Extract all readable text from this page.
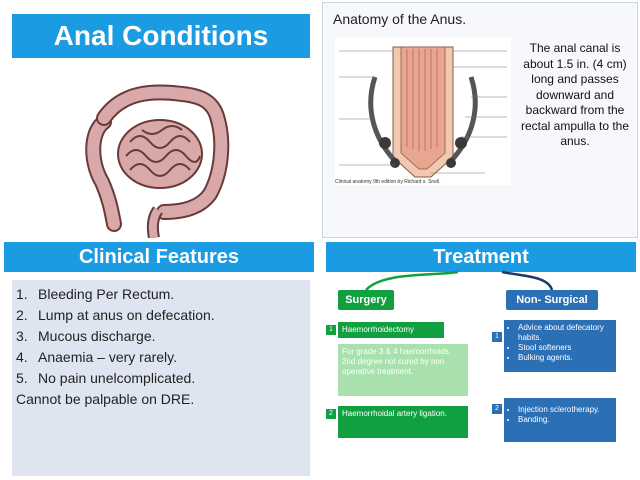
Anal Conditions
Anatomy of the Anus.
Clinical anatomy 9th edition by Richard s. Snell.
The anal canal is about 1.5 in. (4 cm) long and passes downward and backward from the rectal ampulla to the anus.
Clinical Features
1. Bleeding Per Rectum.
2. Lump at anus on defecation.
3. Mucous discharge.
4. Anaemia – very rarely.
5. No pain unelcomplicated.
Cannot be palpable on DRE.
Treatment
Surgery	Non- Surgical
1	Haemorrhoidectomy
For grade 3 & 4 haemorrhoids. 2nd degree not cured by non operative treatment.
2	Haemorrhoidal artery ligation.
1
• Advice about defecatory habits.
• Stool softeners
• Bulking agents.
2
•	Injection sclerotherapy.
• Banding.
